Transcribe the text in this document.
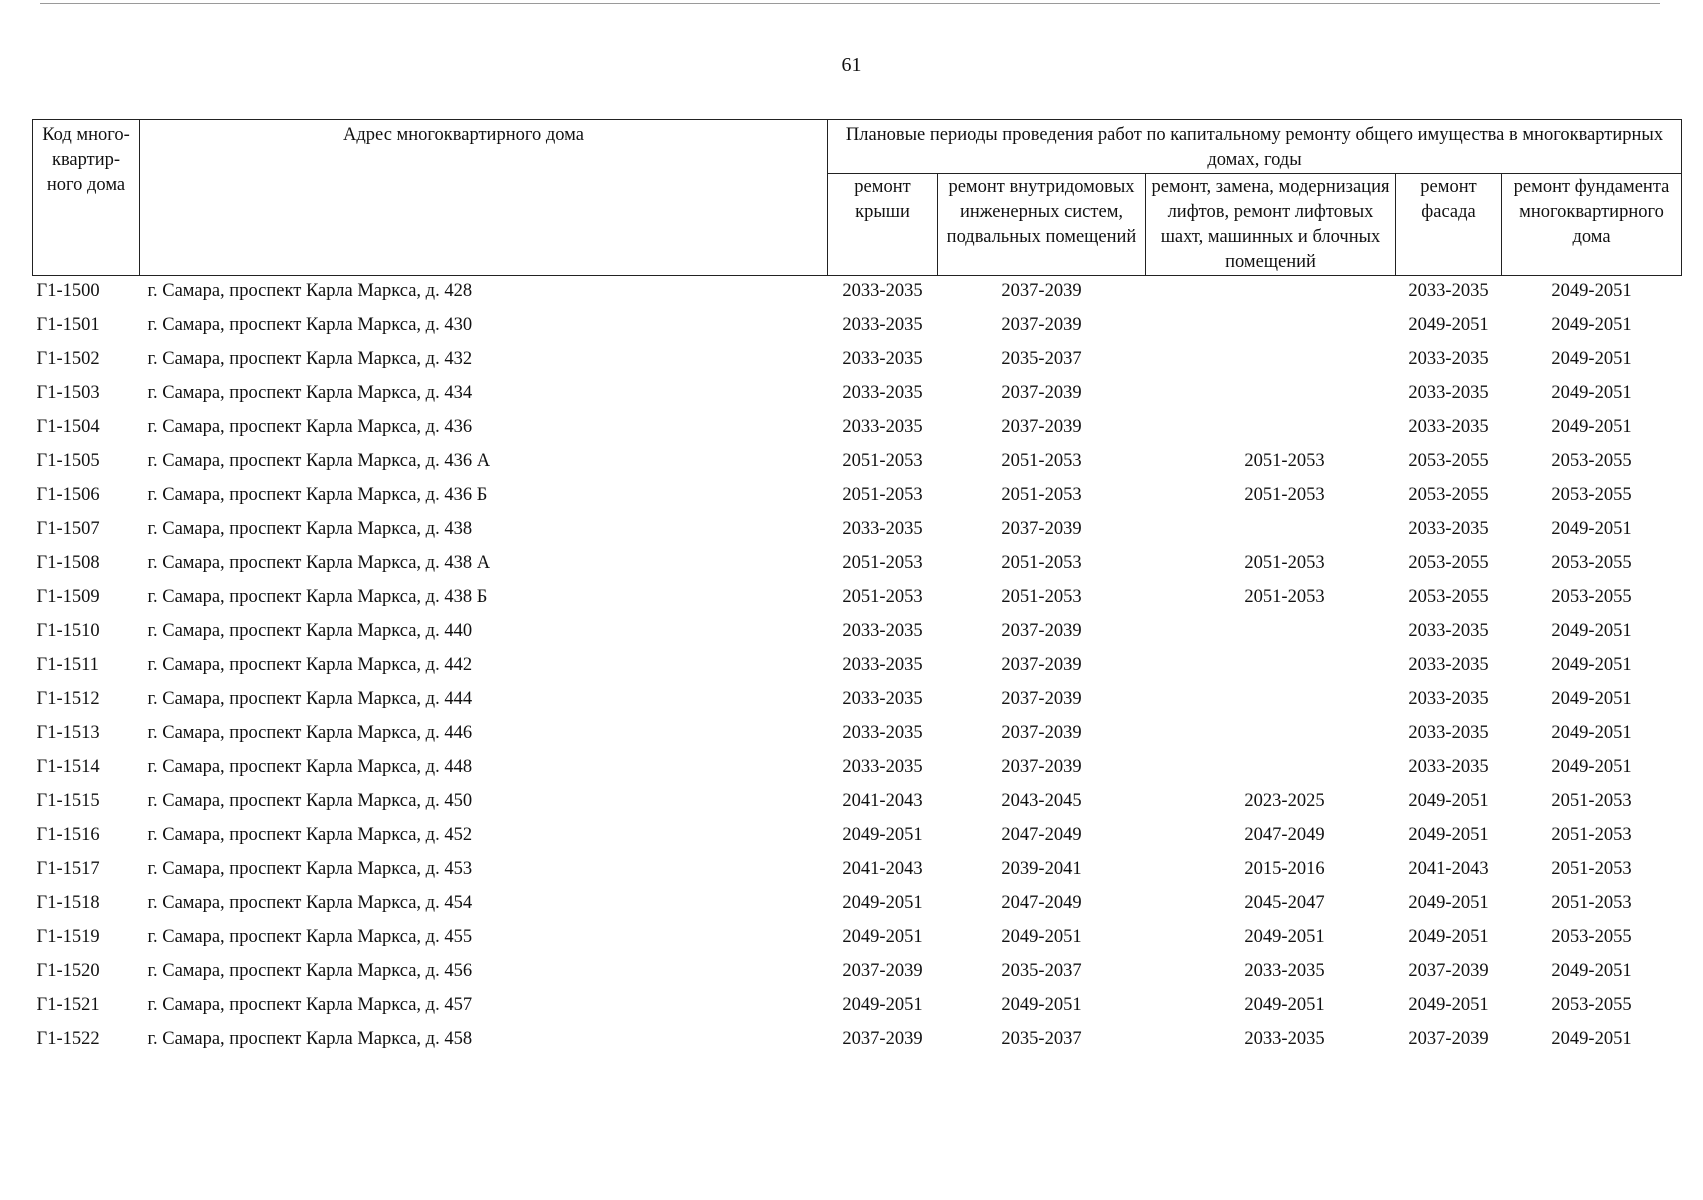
61
Код много-квартир-ного дома	Адрес многоквартирного дома	Плановые периоды проведения работ по капитальному ремонту общего имущества в многоквартирных домах, годы				
		ремонт крыши	ремонт внутридомовых инженерных систем, подвальных помещений	ремонт, замена, модернизация лифтов, ремонт лифтовых шахт, машинных и блочных помещений	ремонт фасада	ремонт фундамента многоквартирного дома
Г1-1500	г. Самара, проспект Карла Маркса, д. 428	2033-2035	2037-2039		2033-2035	2049-2051
Г1-1501	г. Самара, проспект Карла Маркса, д. 430	2033-2035	2037-2039		2049-2051	2049-2051
Г1-1502	г. Самара, проспект Карла Маркса, д. 432	2033-2035	2035-2037		2033-2035	2049-2051
Г1-1503	г. Самара, проспект Карла Маркса, д. 434	2033-2035	2037-2039		2033-2035	2049-2051
Г1-1504	г. Самара, проспект Карла Маркса, д. 436	2033-2035	2037-2039		2033-2035	2049-2051
Г1-1505	г. Самара, проспект Карла Маркса, д. 436 А	2051-2053	2051-2053	2051-2053	2053-2055	2053-2055
Г1-1506	г. Самара, проспект Карла Маркса, д. 436 Б	2051-2053	2051-2053	2051-2053	2053-2055	2053-2055
Г1-1507	г. Самара, проспект Карла Маркса, д. 438	2033-2035	2037-2039		2033-2035	2049-2051
Г1-1508	г. Самара, проспект Карла Маркса, д. 438 А	2051-2053	2051-2053	2051-2053	2053-2055	2053-2055
Г1-1509	г. Самара, проспект Карла Маркса, д. 438 Б	2051-2053	2051-2053	2051-2053	2053-2055	2053-2055
Г1-1510	г. Самара, проспект Карла Маркса, д. 440	2033-2035	2037-2039		2033-2035	2049-2051
Г1-1511	г. Самара, проспект Карла Маркса, д. 442	2033-2035	2037-2039		2033-2035	2049-2051
Г1-1512	г. Самара, проспект Карла Маркса, д. 444	2033-2035	2037-2039		2033-2035	2049-2051
Г1-1513	г. Самара, проспект Карла Маркса, д. 446	2033-2035	2037-2039		2033-2035	2049-2051
Г1-1514	г. Самара, проспект Карла Маркса, д. 448	2033-2035	2037-2039		2033-2035	2049-2051
Г1-1515	г. Самара, проспект Карла Маркса, д. 450	2041-2043	2043-2045	2023-2025	2049-2051	2051-2053
Г1-1516	г. Самара, проспект Карла Маркса, д. 452	2049-2051	2047-2049	2047-2049	2049-2051	2051-2053
Г1-1517	г. Самара, проспект Карла Маркса, д. 453	2041-2043	2039-2041	2015-2016	2041-2043	2051-2053
Г1-1518	г. Самара, проспект Карла Маркса, д. 454	2049-2051	2047-2049	2045-2047	2049-2051	2051-2053
Г1-1519	г. Самара, проспект Карла Маркса, д. 455	2049-2051	2049-2051	2049-2051	2049-2051	2053-2055
Г1-1520	г. Самара, проспект Карла Маркса, д. 456	2037-2039	2035-2037	2033-2035	2037-2039	2049-2051
Г1-1521	г. Самара, проспект Карла Маркса, д. 457	2049-2051	2049-2051	2049-2051	2049-2051	2053-2055
Г1-1522	г. Самара, проспект Карла Маркса, д. 458	2037-2039	2035-2037	2033-2035	2037-2039	2049-2051
